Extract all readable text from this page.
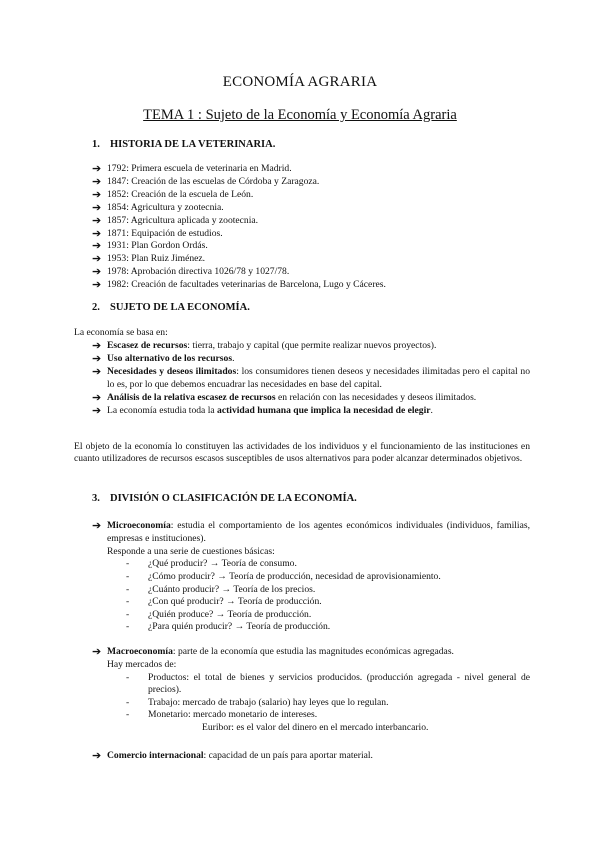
ECONOMÍA AGRARIA
TEMA 1 : Sujeto de la Economía y Economía Agraria
1. HISTORIA DE LA VETERINARIA.
➔ 1792: Primera escuela de veterinaria en Madrid.
➔ 1847: Creación de las escuelas de Córdoba y Zaragoza.
➔ 1852: Creación de la escuela de León.
➔ 1854: Agricultura y zootecnia.
➔ 1857: Agricultura aplicada y zootecnia.
➔ 1871: Equipación de estudios.
➔ 1931: Plan Gordon Ordás.
➔ 1953: Plan Ruiz Jiménez.
➔ 1978: Aprobación directiva 1026/78 y 1027/78.
➔ 1982: Creación de facultades veterinarias de Barcelona, Lugo y Cáceres.
2. SUJETO DE LA ECONOMÍA.
La economía se basa en:
➔ Escasez de recursos: tierra, trabajo y capital (que permite realizar nuevos proyectos).
➔ Uso alternativo de los recursos.
➔ Necesidades y deseos ilimitados: los consumidores tienen deseos y necesidades ilimitadas pero el capital no lo es, por lo que debemos encuadrar las necesidades en base del capital.
➔ Análisis de la relativa escasez de recursos en relación con las necesidades y deseos ilimitados.
➔ La economía estudia toda la actividad humana que implica la necesidad de elegir.
El objeto de la economía lo constituyen las actividades de los individuos y el funcionamiento de las instituciones en cuanto utilizadores de recursos escasos susceptibles de usos alternativos para poder alcanzar determinados objetivos.
3. DIVISIÓN O CLASIFICACIÓN DE LA ECONOMÍA.
➔ Microeconomía: estudia el comportamiento de los agentes económicos individuales (individuos, familias, empresas e instituciones).
Responde a una serie de cuestiones básicas:
-	¿Qué producir? → Teoría de consumo.
-	¿Cómo producir? → Teoría de producción, necesidad de aprovisionamiento.
-	¿Cuánto producir? → Teoría de los precios.
-	¿Con qué producir? → Teoría de producción.
-	¿Quién produce? → Teoría de producción.
-	¿Para quién producir? → Teoría de producción.
➔ Macroeconomía: parte de la economía que estudia las magnitudes económicas agregadas.
Hay mercados de:
-	Productos: el total de bienes y servicios producidos. (producción agregada - nivel general de precios).
-	Trabajo: mercado de trabajo (salario) hay leyes que lo regulan.
-	Monetario: mercado monetario de intereses.
Euribor: es el valor del dinero en el mercado interbancario.
➔ Comercio internacional: capacidad de un país para aportar material.
